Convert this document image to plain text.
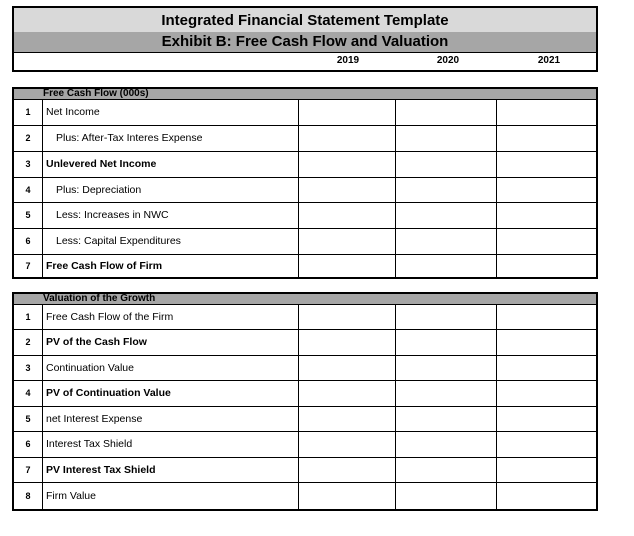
Integrated Financial Statement Template
Exhibit B: Free Cash Flow and Valuation
2019	2020	2021
Free Cash Flow (000s)
1	Net Income
2	Plus: After-Tax Interes Expense
3	Unlevered Net Income
4	Plus: Depreciation
5	Less: Increases in NWC
6	Less: Capital Expenditures
7	Free Cash Flow of Firm
Valuation of the Growth
1	Free Cash Flow of the Firm
2	PV of the Cash Flow
3	Continuation Value
4	PV of Continuation Value
5	net Interest Expense
6	Interest Tax Shield
7	PV Interest Tax Shield
8	Firm Value
